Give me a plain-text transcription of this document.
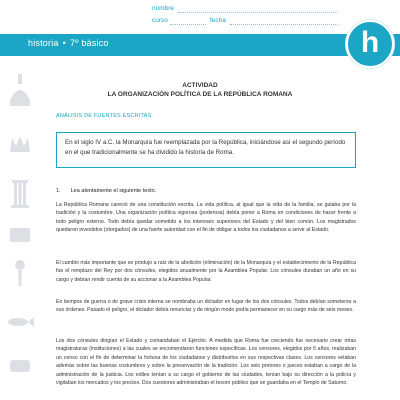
historia • 7º básico
nombre
curso	fecha
h
ACTIVIDAD
LA ORGANIZACIÓN POLÍTICA DE LA REPÚBLICA ROMANA
ANÁLISIS DE FUENTES ESCRITAS
En el siglo IV a.C. la Monarquía fue reemplazada por la República, iniciándose así el segundo período en el que tradicionalmente se ha dividido la historia de Roma.
1. Lea atentamente el siguiente texto.
La República Romana careció de una constitución escrita. La vida política, al igual que la vida de la familia, se guiaba por la tradición y la costumbre. Una organización política vigorosa (poderosa) debía poner a Roma en condiciones de hacer frente a todo peligro externo. Todo debía quedar sometido a los intereses superiores del Estado y del bien común. Los magistrados quedaron investidos (otorgados) de una fuerte autoridad con el fin de obligar a todos los ciudadanos a servir al Estado.
El cambio más importante que se produjo a raíz de la abolición (eliminación) de la Monarquía y el establecimiento de la República fue el remplazo del Rey por dos cónsules, elegidos anualmente por la Asamblea Popular. Los cónsules duraban un año en su cargo y debían rendir cuenta de su accionar a la Asamblea Popular.
En tiempos de guerra o de grave crisis interna se nombraba un dictador en lugar de los dos cónsules. Todos debían someterse a sus órdenes. Pasado el peligro, el dictador debía renunciar y de ningún modo podía permanecer en su cargo más de seis meses.
Los dos cónsules dirigían el Estado y comandaban el Ejército. A medida que Roma fue creciendo fue necesario crear otras magistraturas (instituciones) a las cuales se encomendaron funciones específicas. Los censores, elegidos por 5 años, realizaban un censo con el fin de determinar la fortuna de los ciudadanos y distribuirlos en sus respectivas clases. Los censores velaban además sobre las buenas costumbres y sobre la preservación de la tradición. Los seis pretores o jueces estaban a cargo de la administración de la justicia. Los ediles tenían a su cargo el gobierno de las ciudades, tenían bajo su dirección a la policía y vigilaban los mercados y los precios. Dos cuestores administraban el tesoro público que se guardaba en el Templo de Saturno.
